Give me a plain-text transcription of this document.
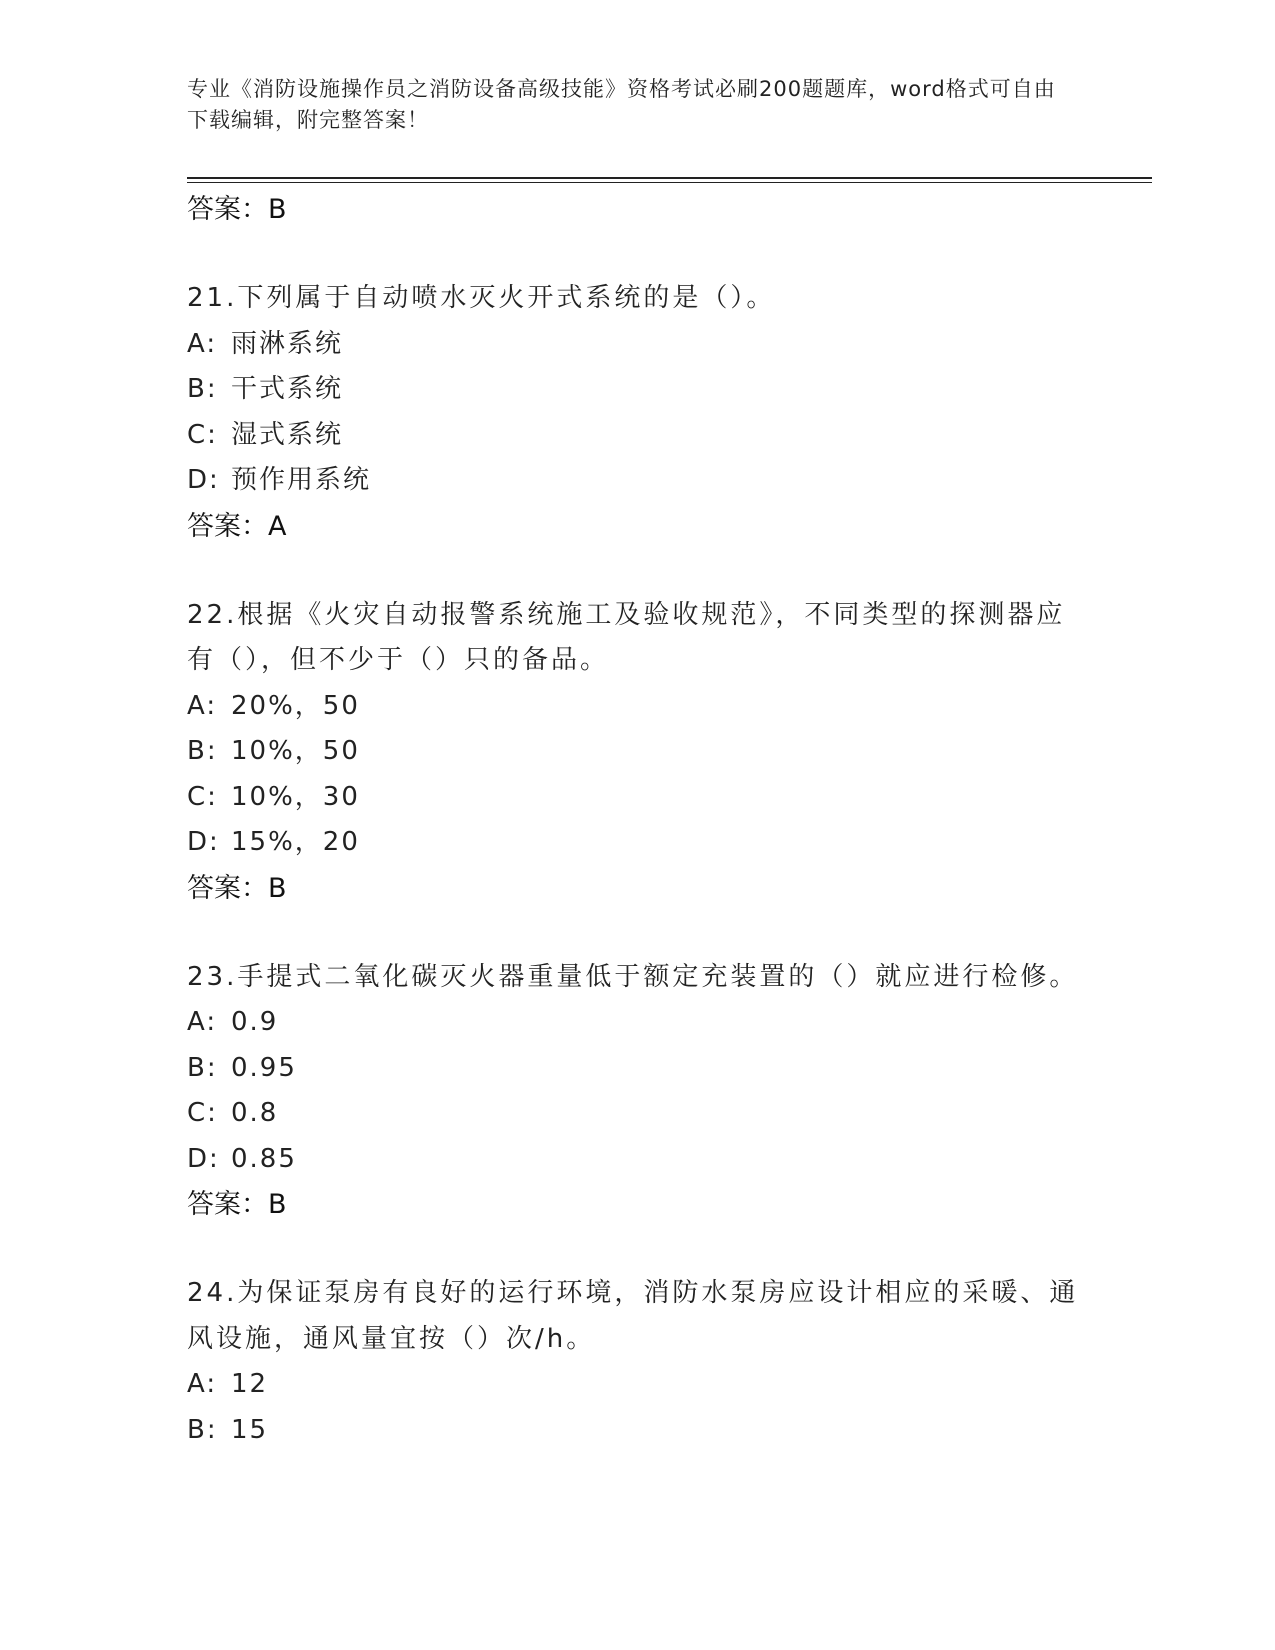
专业《消防设施操作员之消防设备高级技能》资格考试必刷200题题库，word格式可自由下载编辑，附完整答案！
答案：B
21.下列属于自动喷水灭火开式系统的是（）。
A: 雨淋系统
B: 干式系统
C: 湿式系统
D: 预作用系统
答案：A
22.根据《火灾自动报警系统施工及验收规范》，不同类型的探测器应有（），但不少于（）只的备品。
A: 20%，50
B: 10%，50
C: 10%，30
D: 15%，20
答案：B
23.手提式二氧化碳灭火器重量低于额定充装置的（）就应进行检修。
A: 0.9
B: 0.95
C: 0.8
D: 0.85
答案：B
24.为保证泵房有良好的运行环境，消防水泵房应设计相应的采暖、通风设施，通风量宜按（）次/h。
A: 12
B: 15
